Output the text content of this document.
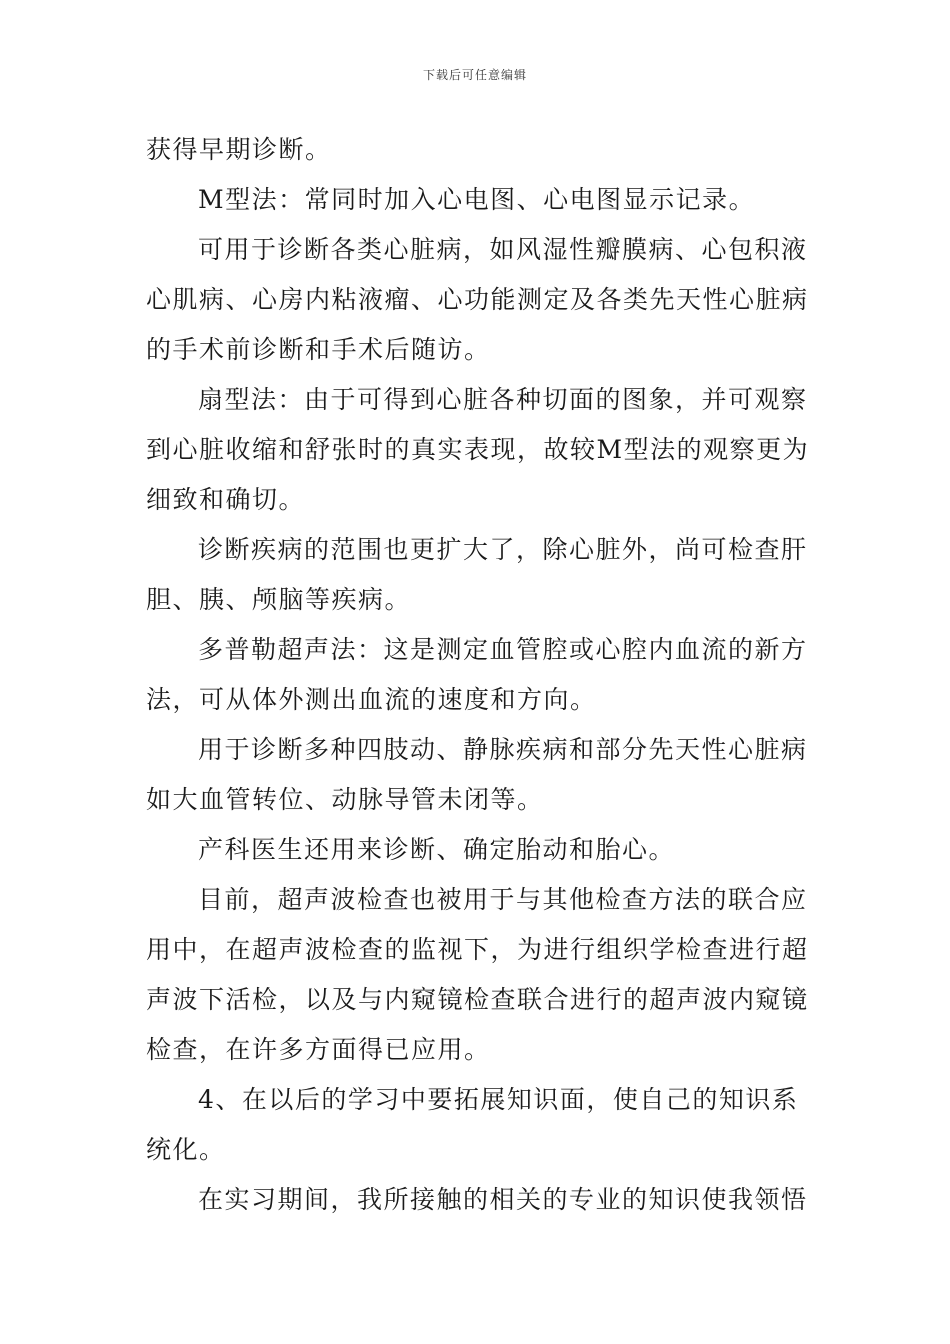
下载后可任意编辑

获得早期诊断。

M型法：常同时加入心电图、心电图显示记录。

可用于诊断各类心脏病，如风湿性瓣膜病、心包积液心肌病、心房内粘液瘤、心功能测定及各类先天性心脏病的手术前诊断和手术后随访。

扇型法：由于可得到心脏各种切面的图象，并可观察到心脏收缩和舒张时的真实表现，故较M型法的观察更为细致和确切。

诊断疾病的范围也更扩大了，除心脏外，尚可检查肝胆、胰、颅脑等疾病。

多普勒超声法：这是测定血管腔或心腔内血流的新方法，可从体外测出血流的速度和方向。

用于诊断多种四肢动、静脉疾病和部分先天性心脏病如大血管转位、动脉导管未闭等。

产科医生还用来诊断、确定胎动和胎心。

目前，超声波检查也被用于与其他检查方法的联合应用中，在超声波检查的监视下，为进行组织学检查进行超声波下活检，以及与内窥镜检查联合进行的超声波内窥镜检查，在许多方面得已应用。

4、在以后的学习中要拓展知识面，使自己的知识系统化。

在实习期间，我所接触的相关的专业的知识使我领悟
